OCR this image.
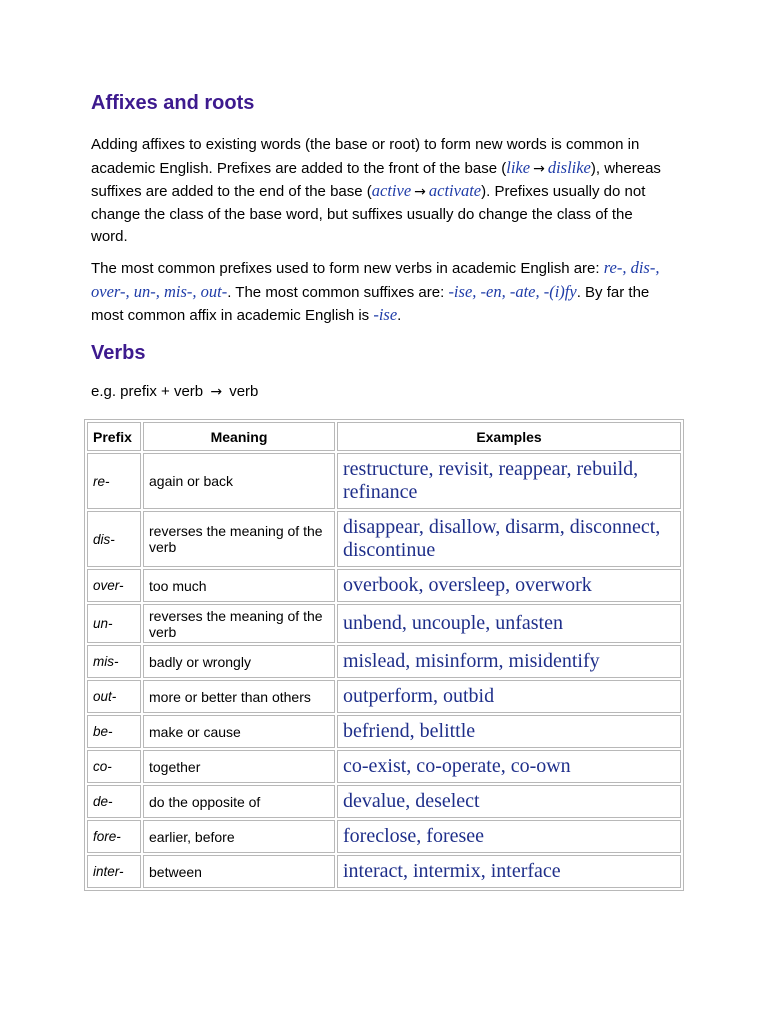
Affixes and roots

Adding affixes to existing words (the base or root) to form new words is common in academic English. Prefixes are added to the front of the base (like → dislike), whereas suffixes are added to the end of the base (active → activate). Prefixes usually do not change the class of the base word, but suffixes usually do change the class of the word.

The most common prefixes used to form new verbs in academic English are: re-, dis-, over-, un-, mis-, out-. The most common suffixes are: -ise, -en, -ate, -(i)fy. By far the most common affix in academic English is -ise.

Verbs
e.g. prefix + verb → verb
Prefix	Meaning	Examples
re-	again or back	restructure, revisit, reappear, rebuild, refinance
dis-	reverses the meaning of the verb	disappear, disallow, disarm, disconnect, discontinue
over-	too much	overbook, oversleep, overwork
un-	reverses the meaning of the verb	unbend, uncouple, unfasten
mis-	badly or wrongly	mislead, misinform, misidentify
out-	more or better than others	outperform, outbid
be-	make or cause	befriend, belittle
co-	together	co-exist, co-operate, co-own
de-	do the opposite of	devalue, deselect
fore-	earlier, before	foreclose, foresee
inter-	between	interact, intermix, interface
